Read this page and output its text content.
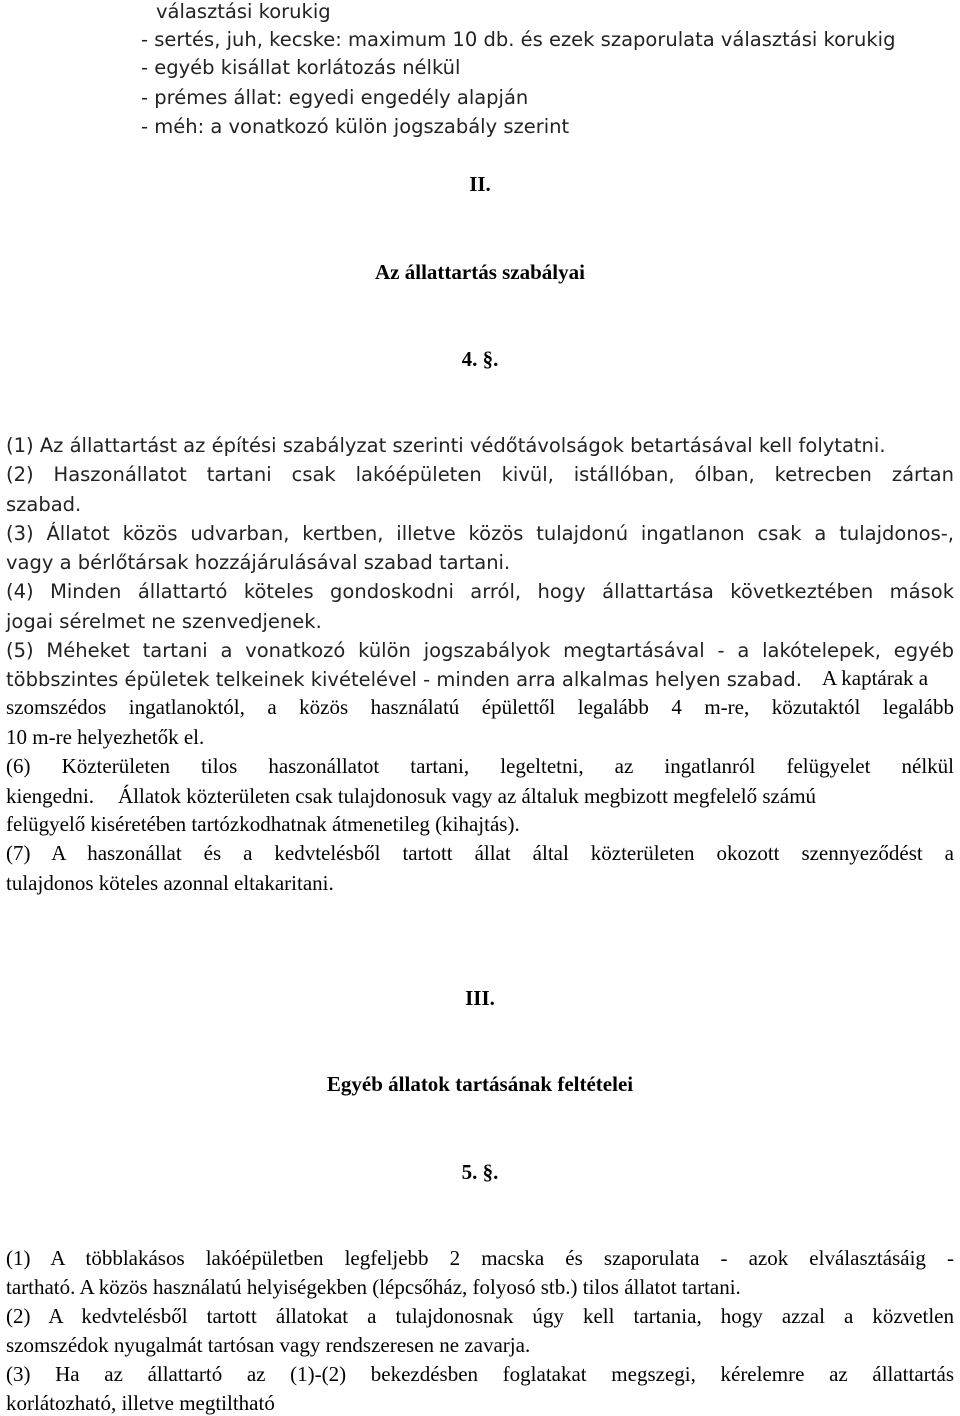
választási korukig
- sertés, juh, kecske: maximum 10 db. és ezek szaporulata választási korukig
- egyéb kisállat korlátozás nélkül
- prémes állat: egyedi engedély alapján
- méh: a vonatkozó külön jogszabály szerint
II.
Az állattartás szabályai
4. §.
(1) Az állattartást az építési szabályzat szerinti védőtávolságok betartásával kell folytatni.
(2) Haszonállatot tartani csak lakóépületen kivül, istállóban, ólban, ketrecben zártan
szabad.
(3) Állatot közös udvarban, kertben, illetve közös tulajdonú ingatlanon csak a tulajdonos-,
vagy a bérlőtársak hozzájárulásával szabad tartani.
(4) Minden állattartó köteles gondoskodni arról, hogy állattartása következtében mások
jogai sérelmet ne szenvedjenek.
(5) Méheket tartani a vonatkozó külön jogszabályok megtartásával - a lakótelepek, egyéb
többszintes épületek telkeinek kivételével - minden arra alkalmas helyen szabad. A kaptárak a
szomszédos ingatlanoktól, a közös használatú épülettől legalább 4 m-re, közutaktól legalább
10 m-re helyezhetők el.
(6) Közterületen tilos haszonállatot tartani, legeltetni, az ingatlanról felügyelet nélkül
kiengedni. Állatok közterületen csak tulajdonosuk vagy az általuk megbizott megfelelő számú
felügyelő kiséretében tartózkodhatnak átmenetileg (kihajtás).
(7) A haszonállat és a kedvtelésből tartott állat által közterületen okozott szennyeződést a
tulajdonos köteles azonnal eltakaritani.
III.
Egyéb állatok tartásának feltételei
5. §.
(1) A többlakásos lakóépületben legfeljebb 2 macska és szaporulata - azok elválasztásáig -
tartható. A közös használatú helyiségekben (lépcsőház, folyosó stb.) tilos állatot tartani.
(2) A kedvtelésből tartott állatokat a tulajdonosnak úgy kell tartania, hogy azzal a közvetlen
szomszédok nyugalmát tartósan vagy rendszeresen ne zavarja.
(3) Ha az állattartó az (1)-(2) bekezdésben foglatakat megszegi, kérelemre az állattartás
korlátozható, illetve megtiltható
